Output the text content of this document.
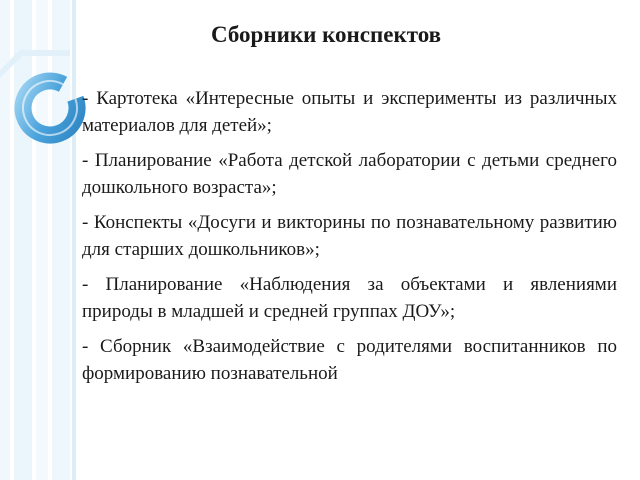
Сборники конспектов

- Картотека «Интересные опыты и эксперименты из различных материалов для детей»;

- Планирование «Работа детской лаборатории с детьми среднего дошкольного возраста»;

- Конспекты «Досуги и викторины по познавательному развитию для старших дошкольников»;

- Планирование «Наблюдения за объектами и явлениями природы в младшей и средней группах ДОУ»;

- Сборник «Взаимодействие с родителями воспитанников по формированию познавательной
